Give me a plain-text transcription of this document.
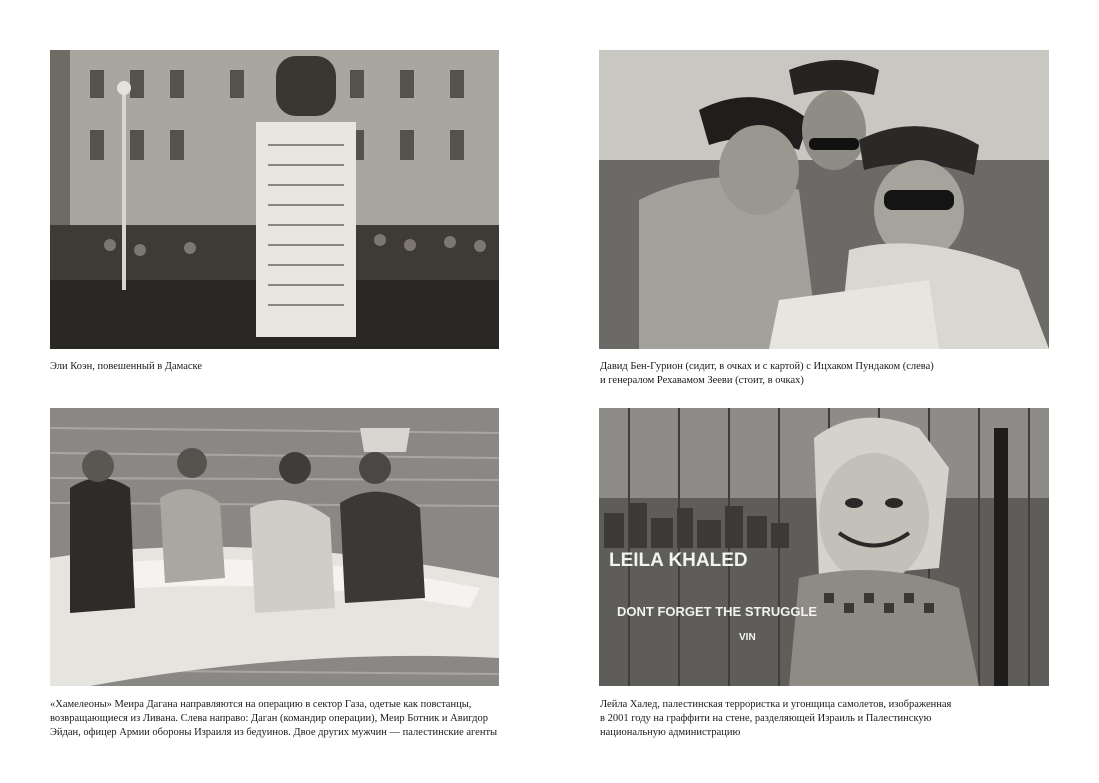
Эли Коэн, повешенный в Дамаске	Давид Бен-Гурион (сидит, в очках и с картой) с Ицхаком Пундаком (слева)

и генералом Рехавамом Зееви (стоит, в очках)

«Хамелеоны» Меира Дагана направляются на операцию в сектор Газа, одетые как повстанцы,

возвращающиеся из Ливана. Слева направо: Даган (командир операции), Меир Ботник и Авигдор

Эйдан, офицер Армии обороны Израиля из бедуинов. Двое других мужчин — палестинские агенты

LEILA KHALED
DONT FORGET THE STRUGGLE
VIN

Лейла Халед, палестинская террористка и угонщица самолетов, изображенная

в 2001 году на граффити на стене, разделяющей Израиль и Палестинскую

национальную администрацию
